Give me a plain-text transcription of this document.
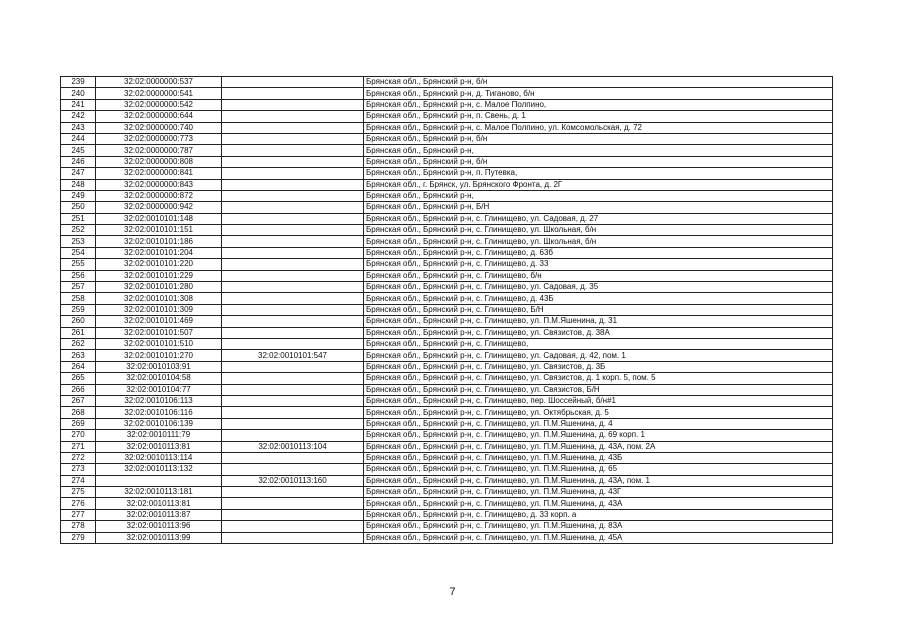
239	32:02:0000000:537		Брянская обл., Брянский р-н, б/н
240	32:02:0000000:541		Брянская обл., Брянский р-н, д. Тиганово, б/н
241	32:02:0000000:542		Брянская обл., Брянский р-н, с. Малое Полпино,
242	32:02:0000000:644		Брянская обл., Брянский р-н, п. Свень, д. 1
243	32:02:0000000:740		Брянская обл., Брянский р-н, с. Малое Полпино, ул. Комсомольская, д. 72
244	32:02:0000000:773		Брянская обл., Брянский р-н, б/н
245	32:02:0000000:787		Брянская обл., Брянский р-н,
246	32:02:0000000:808		Брянская обл., Брянский р-н, б/н
247	32:02:0000000:841		Брянская обл., Брянский р-н, п. Путевка,
248	32:02:0000000:843		Брянская обл., г. Брянск, ул. Брянского Фронта, д. 2Г
249	32:02:0000000:872		Брянская обл., Брянский р-н,
250	32:02:0000000:942		Брянская обл., Брянский р-н, Б/Н
251	32:02:0010101:148		Брянская обл., Брянский р-н, с. Глинищево, ул. Садовая, д. 27
252	32:02:0010101:151		Брянская обл., Брянский р-н, с. Глинищево, ул. Школьная, б/н
253	32:02:0010101:186		Брянская обл., Брянский р-н, с. Глинищево, ул. Школьная, б/н
254	32:02:0010101:204		Брянская обл., Брянский р-н, с. Глинищево, д. 63б
255	32:02:0010101:220		Брянская обл., Брянский р-н, с. Глинищево, д. 33
256	32:02:0010101:229		Брянская обл., Брянский р-н, с. Глинищево, б/н
257	32:02:0010101:280		Брянская обл., Брянский р-н, с. Глинищево, ул. Садовая, д. 35
258	32:02:0010101:308		Брянская обл., Брянский р-н, с. Глинищево, д. 43Б
259	32:02:0010101:309		Брянская обл., Брянский р-н, с. Глинищево, Б/Н
260	32:02:0010101:469		Брянская обл., Брянский р-н, с. Глинищево, ул. П.М.Яшенина, д. 31
261	32:02:0010101:507		Брянская обл., Брянский р-н, с. Глинищево, ул. Связистов, д. 38А
262	32:02:0010101:510		Брянская обл., Брянский р-н, с. Глинищево,
263	32:02:0010101:270	32:02:0010101:547	Брянская обл., Брянский р-н, с. Глинищево, ул. Садовая, д. 42, пом. 1
264	32:02:0010103:91		Брянская обл., Брянский р-н, с. Глинищево, ул. Связистов, д. 3Б
265	32:02:0010104:58		Брянская обл., Брянский р-н, с. Глинищево, ул. Связистов, д. 1 корп. 5, пом. 5
266	32:02:0010104:77		Брянская обл., Брянский р-н, с. Глинищево, ул. Связистов, Б/Н
267	32:02:0010106:113		Брянская обл., Брянский р-н, с. Глинищево, пер. Шоссейный, б/н#1
268	32:02:0010106:116		Брянская обл., Брянский р-н, с. Глинищево, ул. Октябрьская, д. 5
269	32:02:0010106:139		Брянская обл., Брянский р-н, с. Глинищево, ул. П.М.Яшенина, д. 4
270	32:02:0010111:79		Брянская обл., Брянский р-н, с. Глинищево, ул. П.М.Яшенина, д. 69 корп. 1
271	32:02:0010113:81	32:02:0010113:104	Брянская обл., Брянский р-н, с. Глинищево, ул. П.М.Яшенина, д. 43А, пом. 2А
272	32:02:0010113:114		Брянская обл., Брянский р-н, с. Глинищево, ул. П.М.Яшенина, д. 43Б
273	32:02:0010113:132		Брянская обл., Брянский р-н, с. Глинищево, ул. П.М.Яшенина, д. 65
274		32:02:0010113:160	Брянская обл., Брянский р-н, с. Глинищево, ул. П.М.Яшенина, д. 43А, пом. 1
275	32:02:0010113:181		Брянская обл., Брянский р-н, с. Глинищево, ул. П.М.Яшенина, д. 43Г
276	32:02:0010113:81		Брянская обл., Брянский р-н, с. Глинищево, ул. П.М.Яшенина, д. 43А
277	32:02:0010113:87		Брянская обл., Брянский р-н, с. Глинищево, д. 33 корп. а
278	32:02:0010113:96		Брянская обл., Брянский р-н, с. Глинищево, ул. П.М.Яшенина, д. 83А
279	32:02:0010113:99		Брянская обл., Брянский р-н, с. Глинищево, ул. П.М.Яшенина, д. 45А
7
